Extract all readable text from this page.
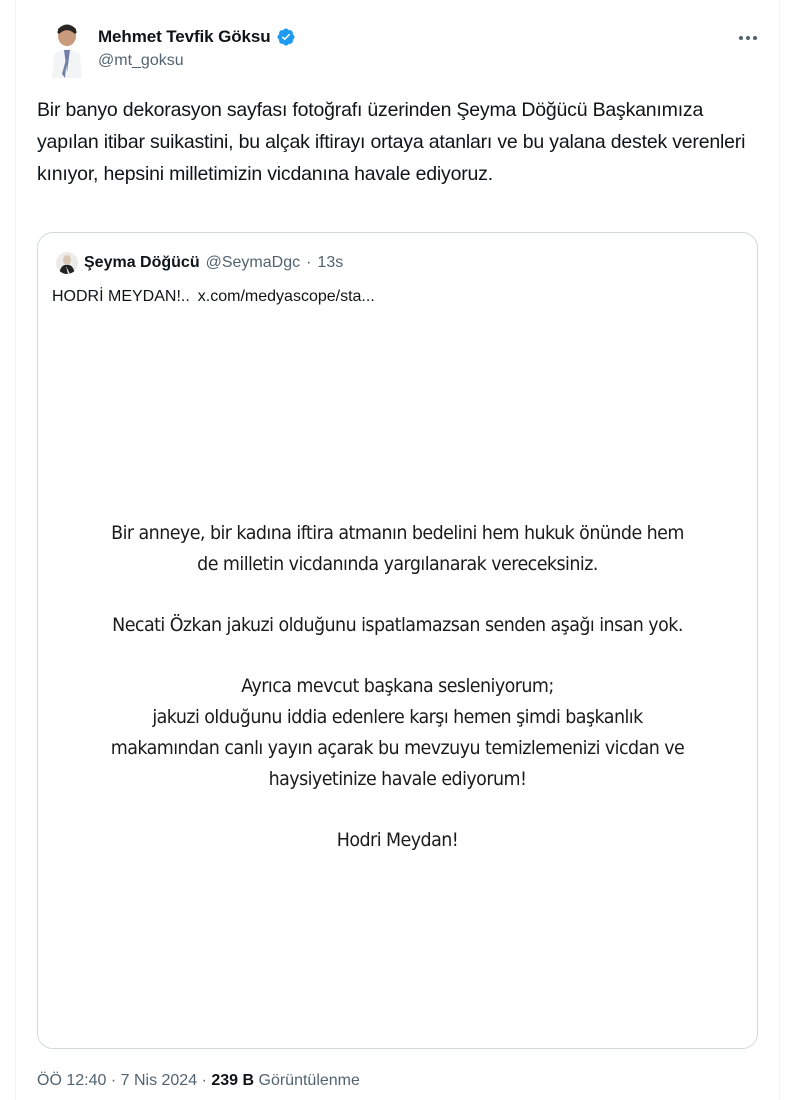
Mehmet Tevfik Göksu
@mt_goksu
Bir banyo dekorasyon sayfası fotoğrafı üzerinden Şeyma Döğücü Başkanımıza yapılan itibar suikastini, bu alçak iftirayı ortaya atanları ve bu yalana destek verenleri kınıyor, hepsini milletimizin vicdanına havale ediyoruz.
Şeyma Döğücü @SeymaDgc · 13s
HODRİ MEYDAN!.. x.com/medyascope/sta...

Bir anneye, bir kadına iftira atmanın bedelini hem hukuk önünde hem
de milletin vicdanında yargılanarak vereceksiniz.

Necati Özkan jakuzi olduğunu ispatlamazsan senden aşağı insan yok.

Ayrıca mevcut başkana sesleniyorum;
jakuzi olduğunu iddia edenlere karşı hemen şimdi başkanlık
makamından canlı yayın açarak bu mevzuyu temizlemenizi vicdan ve
haysiyetinize havale ediyorum!

Hodri Meydan!

ÖÖ 12:40 · 7 Nis 2024 · 239 B Görüntülenme
